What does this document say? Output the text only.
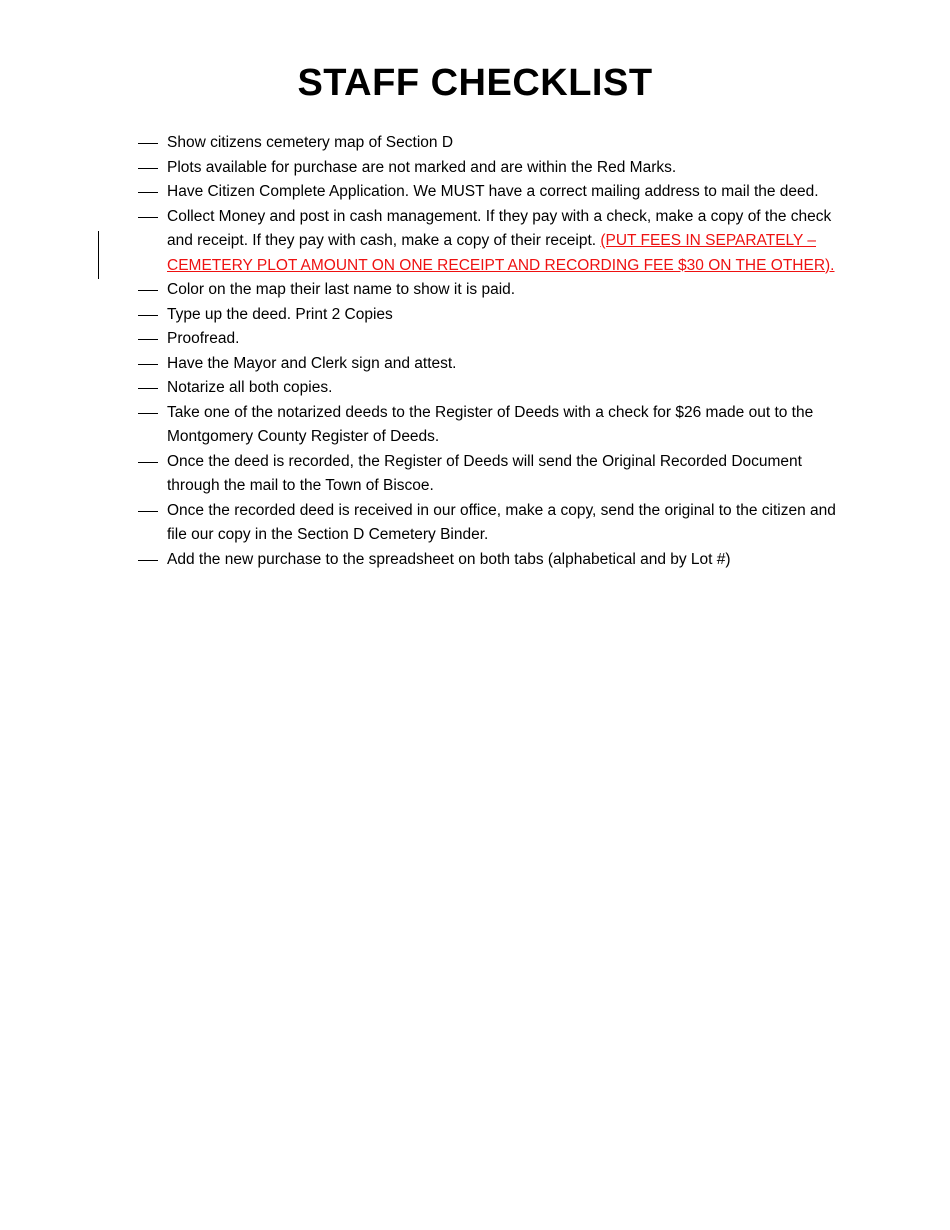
STAFF CHECKLIST
Show citizens cemetery map of Section D
Plots available for purchase are not marked and are within the Red Marks.
Have Citizen Complete Application. We MUST have a correct mailing address to mail the deed.
Collect Money and post in cash management. If they pay with a check, make a copy of the check and receipt. If they pay with cash, make a copy of their receipt. (PUT FEES IN SEPARATELY – CEMETERY PLOT AMOUNT ON ONE RECEIPT AND RECORDING FEE $30 ON THE OTHER).
Color on the map their last name to show it is paid.
Type up the deed. Print 2 Copies
Proofread.
Have the Mayor and Clerk sign and attest.
Notarize all both copies.
Take one of the notarized deeds to the Register of Deeds with a check for $26 made out to the Montgomery County Register of Deeds.
Once the deed is recorded, the Register of Deeds will send the Original Recorded Document through the mail to the Town of Biscoe.
Once the recorded deed is received in our office, make a copy, send the original to the citizen and file our copy in the Section D Cemetery Binder.
Add the new purchase to the spreadsheet on both tabs (alphabetical and by Lot #)
